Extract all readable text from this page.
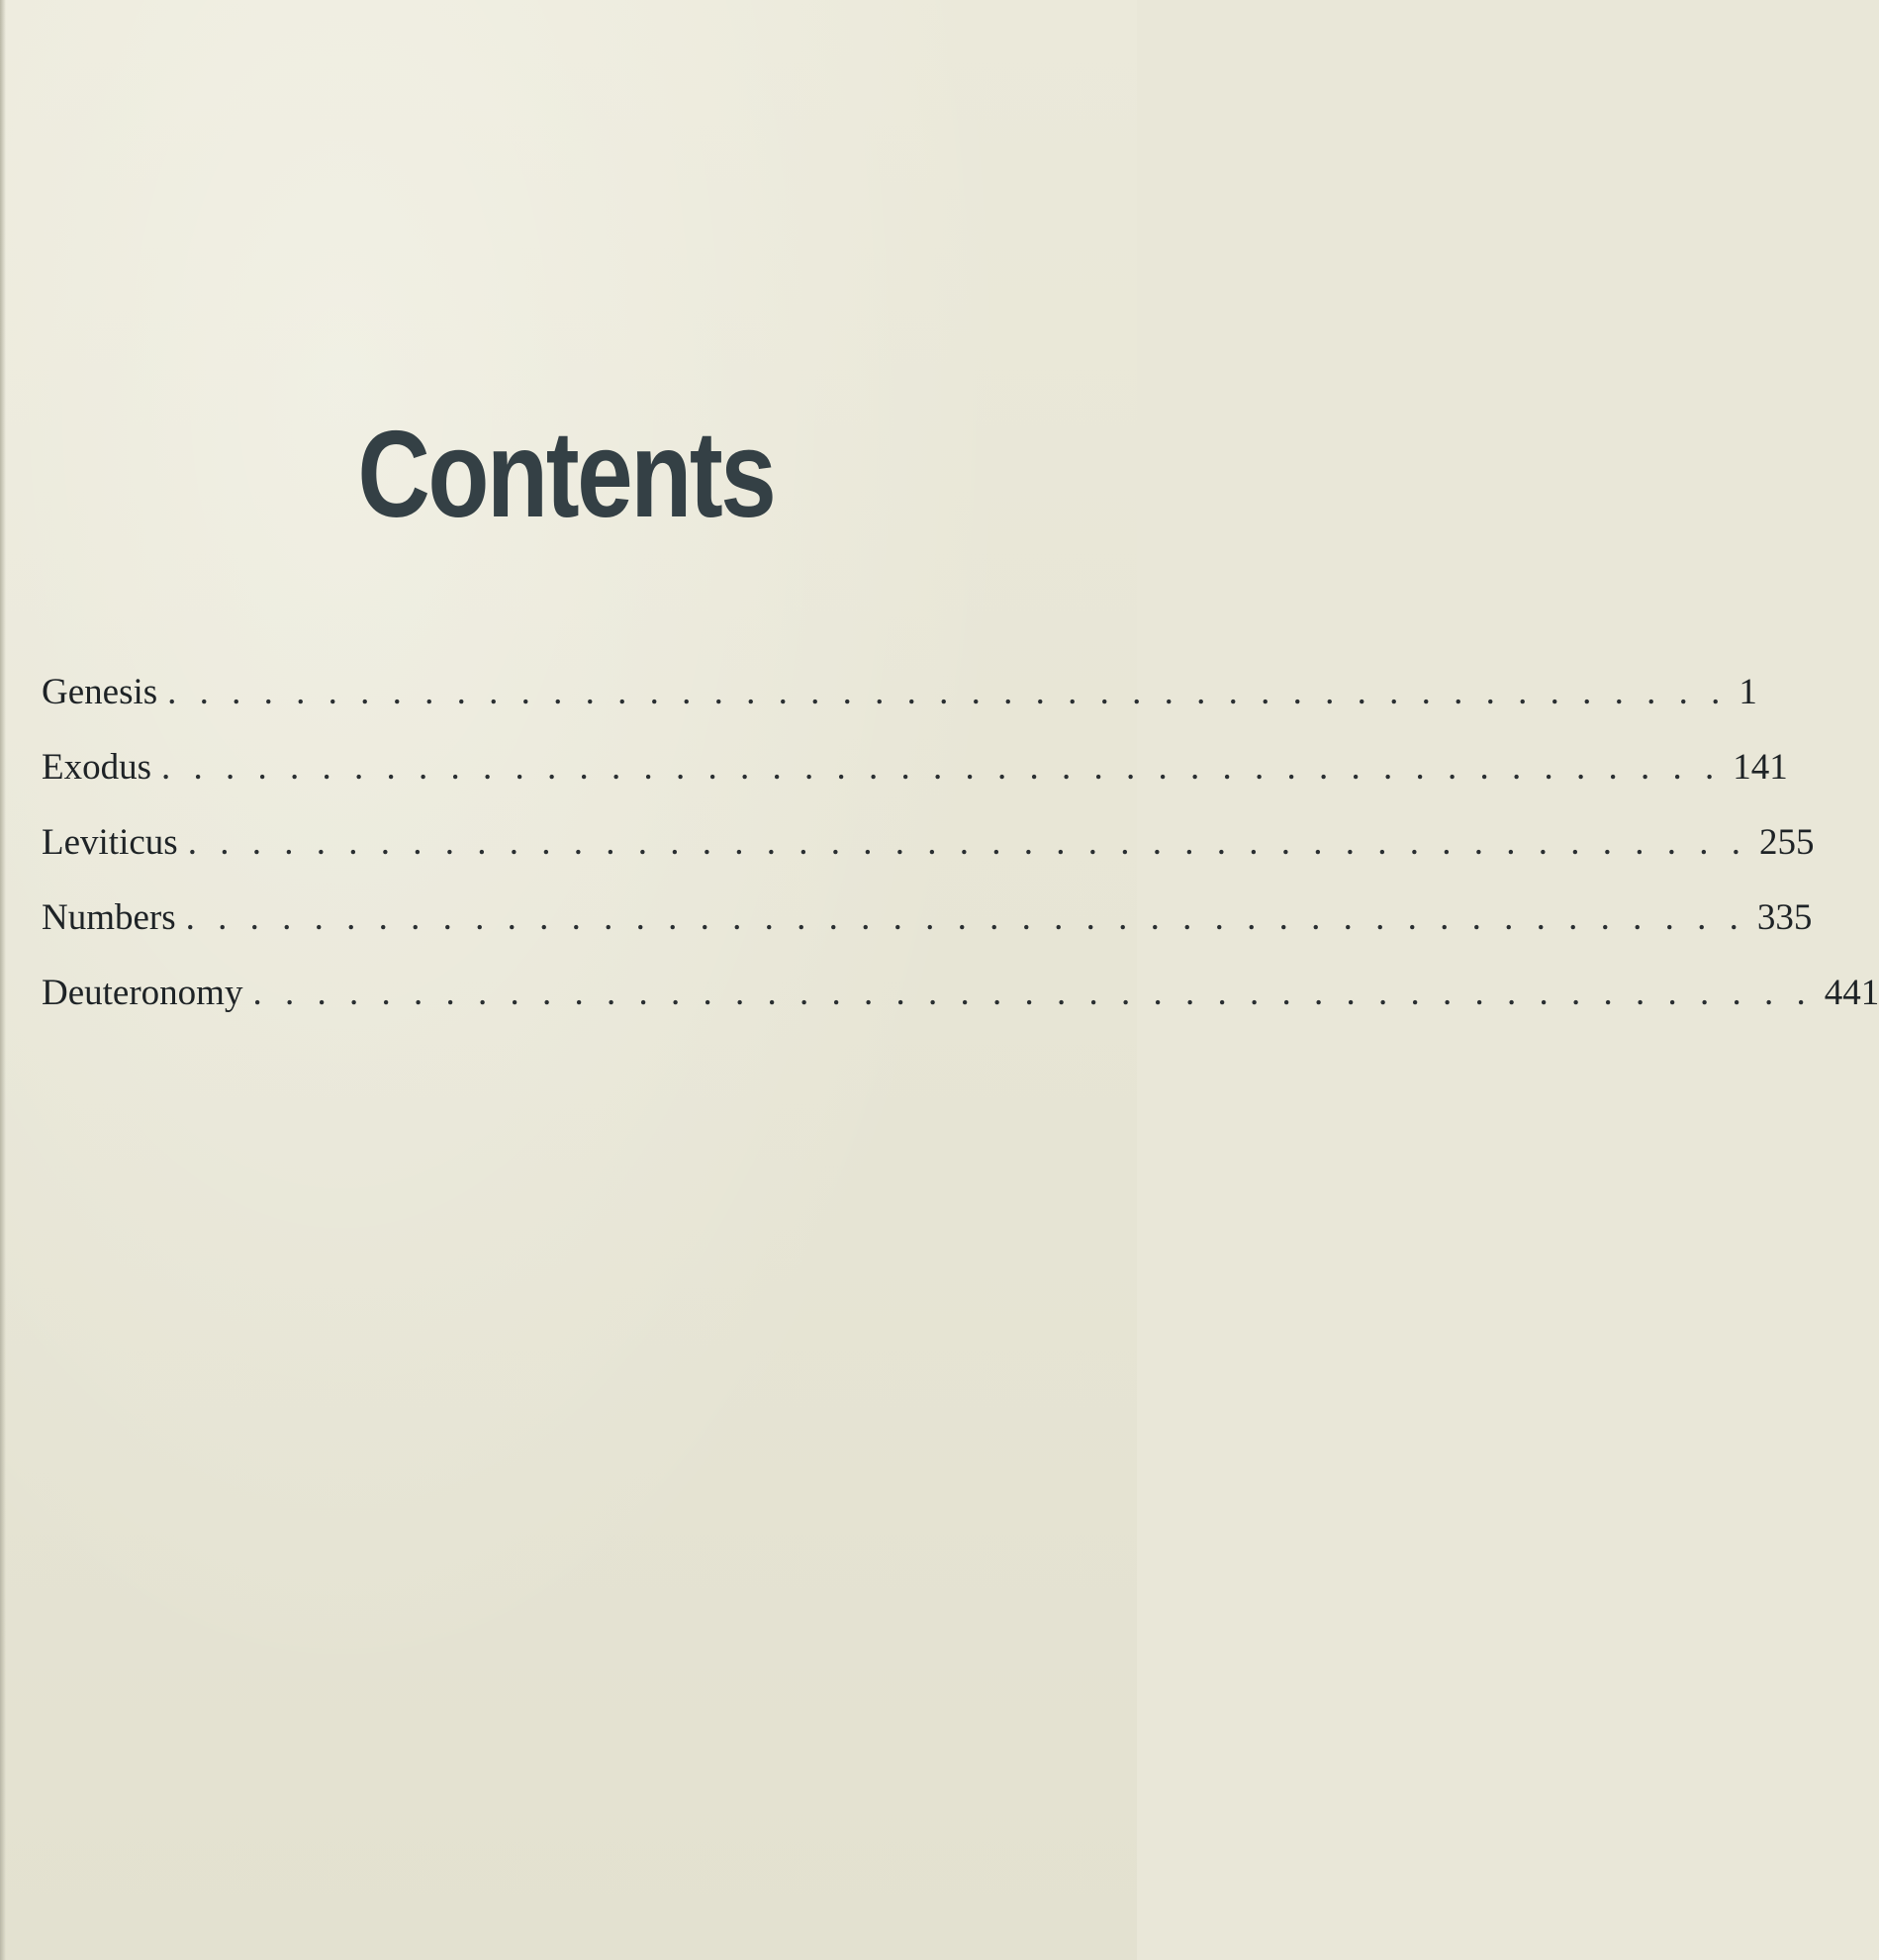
Contents
Genesis . . . . . . . . . . . . . . . . . . . . . . . . . . . . . . . . . . . . . . . . . . . . . . . . . 1
Exodus . . . . . . . . . . . . . . . . . . . . . . . . . . . . . . . . . . . . . . . . . . . . . . . . . 141
Leviticus . . . . . . . . . . . . . . . . . . . . . . . . . . . . . . . . . . . . . . . . . . . . . . . . . 255
Numbers . . . . . . . . . . . . . . . . . . . . . . . . . . . . . . . . . . . . . . . . . . . . . . . . . 335
Deuteronomy . . . . . . . . . . . . . . . . . . . . . . . . . . . . . . . . . . . . . . . . . . . . . . . . . 441
